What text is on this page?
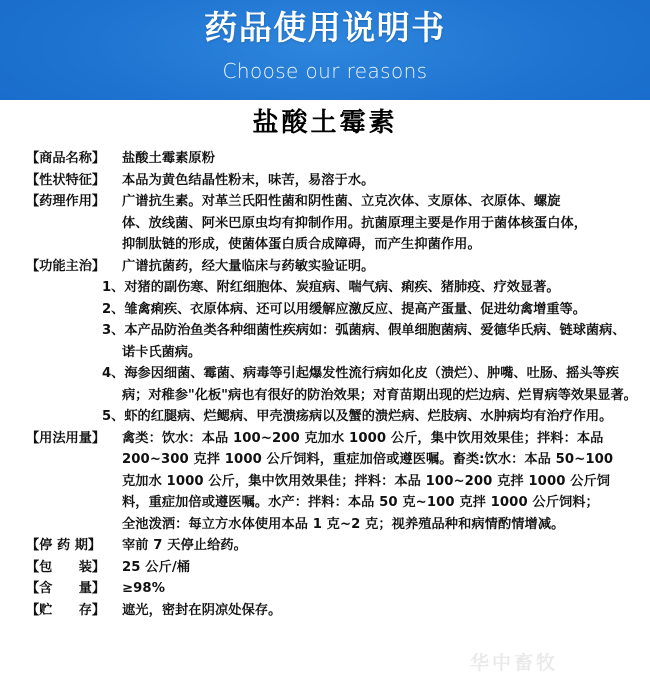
药品使用说明书
Choose our reasons
盐酸土霉素
华中畜牧
【商品名称】	盐酸土霉素原粉

【性状特征】	本品为黄色结晶性粉末，味苦，易溶于水。

【药理作用】	广谱抗生素。对革兰氏阳性菌和阴性菌、立克次体、支原体、衣原体、螺旋

体、放线菌、阿米巴原虫均有抑制作用。抗菌原理主要是作用于菌体核蛋白体，

抑制肽链的形成，使菌体蛋白质合成障碍，而产生抑菌作用。

【功能主治】	广谱抗菌药，经大量临床与药敏实验证明。

1、对猪的副伤寒、附红细胞体、炭疽病、喘气病、痢疾、猪肺疫、疗效显著。
2、雏禽痢疾、衣原体病、还可以用缓解应激反应、提高产蛋量、促进幼禽增重等。
3、本产品防治鱼类各种细菌性疾病如：弧菌病、假单细胞菌病、爱德华氏病、链球菌病、诺卡氏菌病。
4、海参因细菌、霉菌、病毒等引起爆发性流行病如化皮（溃烂）、肿嘴、吐肠、摇头等疾病；对稚参"化板"病也有很好的防治效果；对育苗期出现的烂边病、烂胃病等效果显著。
5、虾的红腿病、烂鳃病、甲壳溃疡病以及蟹的溃烂病、烂肢病、水肿病均有治疗作用。
【用法用量】	禽类：饮水：本品 100~200 克加水 1000 公斤，集中饮用效果佳；拌料：本品

200~300 克拌 1000 公斤饲料，重症加倍或遵医嘱。畜类:饮水：本品 50~100

克加水 1000 公斤，集中饮用效果佳；拌料：本品 100~200 克拌 1000 公斤饲

料，重症加倍或遵医嘱。水产：拌料：本品 50 克~100 克拌 1000 公斤饲料；

全池泼洒：每立方水体使用本品 1 克~2 克；视养殖品种和病情酌情增减。

【停 药 期】	宰前 7 天停止给药。

【包　　装】	25 公斤/桶

【含　　量】	≥98%

【贮　　存】	遮光，密封在阴凉处保存。
